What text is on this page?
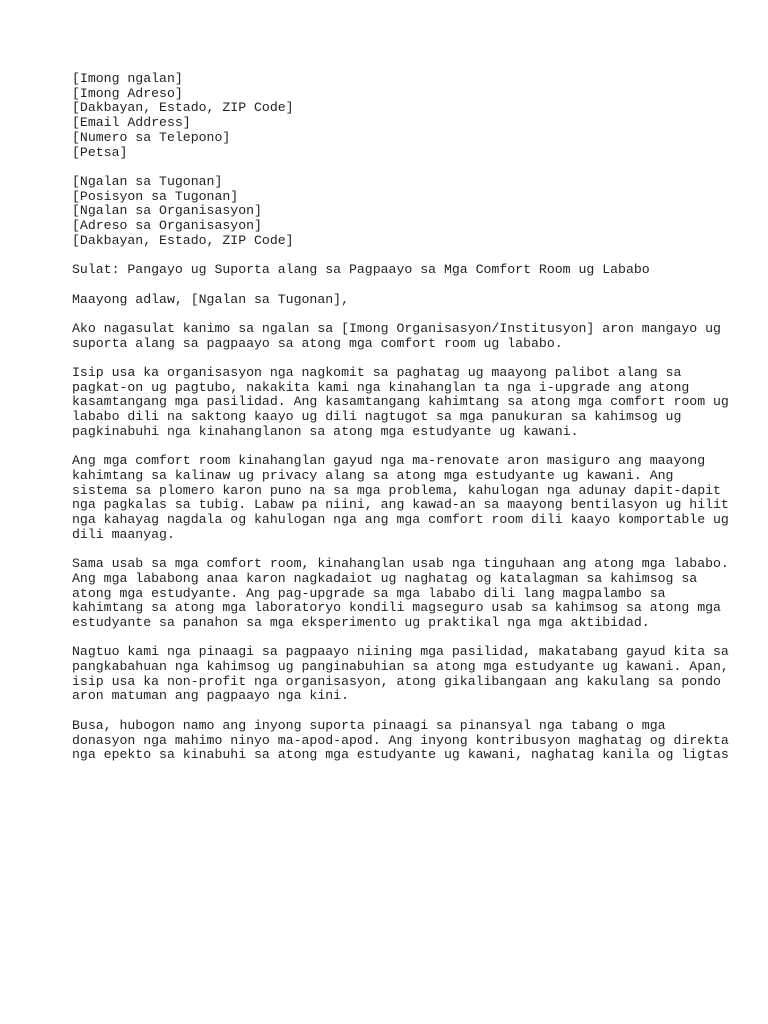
[Imong ngalan]
[Imong Adreso]
[Dakbayan, Estado, ZIP Code]
[Email Address]
[Numero sa Telepono]
[Petsa]
[Ngalan sa Tugonan]
[Posisyon sa Tugonan]
[Ngalan sa Organisasyon]
[Adreso sa Organisasyon]
[Dakbayan, Estado, ZIP Code]
Sulat: Pangayo ug Suporta alang sa Pagpaayo sa Mga Comfort Room ug Lababo
Maayong adlaw, [Ngalan sa Tugonan],
Ako nagasulat kanimo sa ngalan sa [Imong Organisasyon/Institusyon] aron mangayo ug
suporta alang sa pagpaayo sa atong mga comfort room ug lababo.
Isip usa ka organisasyon nga nagkomit sa paghatag ug maayong palibot alang sa
pagkat-on ug pagtubo, nakakita kami nga kinahanglan ta nga i-upgrade ang atong
kasamtangang mga pasilidad. Ang kasamtangang kahimtang sa atong mga comfort room ug
lababo dili na saktong kaayo ug dili nagtugot sa mga panukuran sa kahimsog ug
pagkinabuhi nga kinahanglanon sa atong mga estudyante ug kawani.
Ang mga comfort room kinahanglan gayud nga ma-renovate aron masiguro ang maayong
kahimtang sa kalinaw ug privacy alang sa atong mga estudyante ug kawani. Ang
sistema sa plomero karon puno na sa mga problema, kahulogan nga adunay dapit-dapit
nga pagkalas sa tubig. Labaw pa niini, ang kawad-an sa maayong bentilasyon ug hilit
nga kahayag nagdala og kahulogan nga ang mga comfort room dili kaayo komportable ug
dili maanyag.
Sama usab sa mga comfort room, kinahanglan usab nga tinguhaan ang atong mga lababo.
Ang mga lababong anaa karon nagkadaiot ug naghatag og katalagman sa kahimsog sa
atong mga estudyante. Ang pag-upgrade sa mga lababo dili lang magpalambo sa
kahimtang sa atong mga laboratoryo kondili magseguro usab sa kahimsog sa atong mga
estudyante sa panahon sa mga eksperimento ug praktikal nga mga aktibidad.
Nagtuo kami nga pinaagi sa pagpaayo niining mga pasilidad, makatabang gayud kita sa
pangkabahuan nga kahimsog ug panginabuhian sa atong mga estudyante ug kawani. Apan,
isip usa ka non-profit nga organisasyon, atong gikalibangaan ang kakulang sa pondo
aron matuman ang pagpaayo nga kini.
Busa, hubogon namo ang inyong suporta pinaagi sa pinansyal nga tabang o mga
donasyon nga mahimo ninyo ma-apod-apod. Ang inyong kontribusyon maghatag og direkta
nga epekto sa kinabuhi sa atong mga estudyante ug kawani, naghatag kanila og ligtas
